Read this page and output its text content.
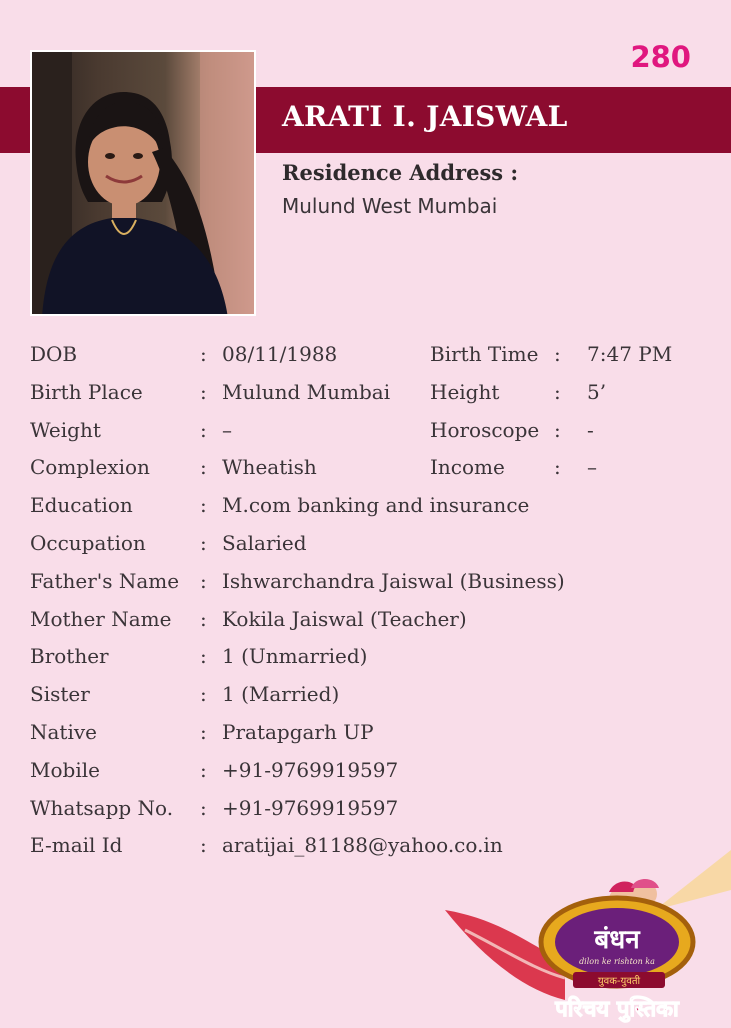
280
ARATI I. JAISWAL
Residence Address :
Mulund West Mumbai
DOB	: 08/11/1988	Birth Time : 7:47 PM
Birth Place	: Mulund Mumbai Height	: 5’
Weight	: –	Horoscope : -
Complexion	: Wheatish	Income : –
Education	: M.com banking and insurance
Occupation	: Salaried
Father's Name : Ishwarchandra Jaiswal (Business)
Mother Name : Kokila Jaiswal (Teacher)
Brother	: 1 (Unmarried)
Sister	: 1 (Married)
Native	: Pratapgarh UP
Mobile	: +91-9769919597
Whatsapp No. : +91-9769919597
E-mail Id	: aratijai_81188@yahoo.co.in
बंधन
dilon ke rishton ka
युवक-युवती
परिचय पुस्तिका
